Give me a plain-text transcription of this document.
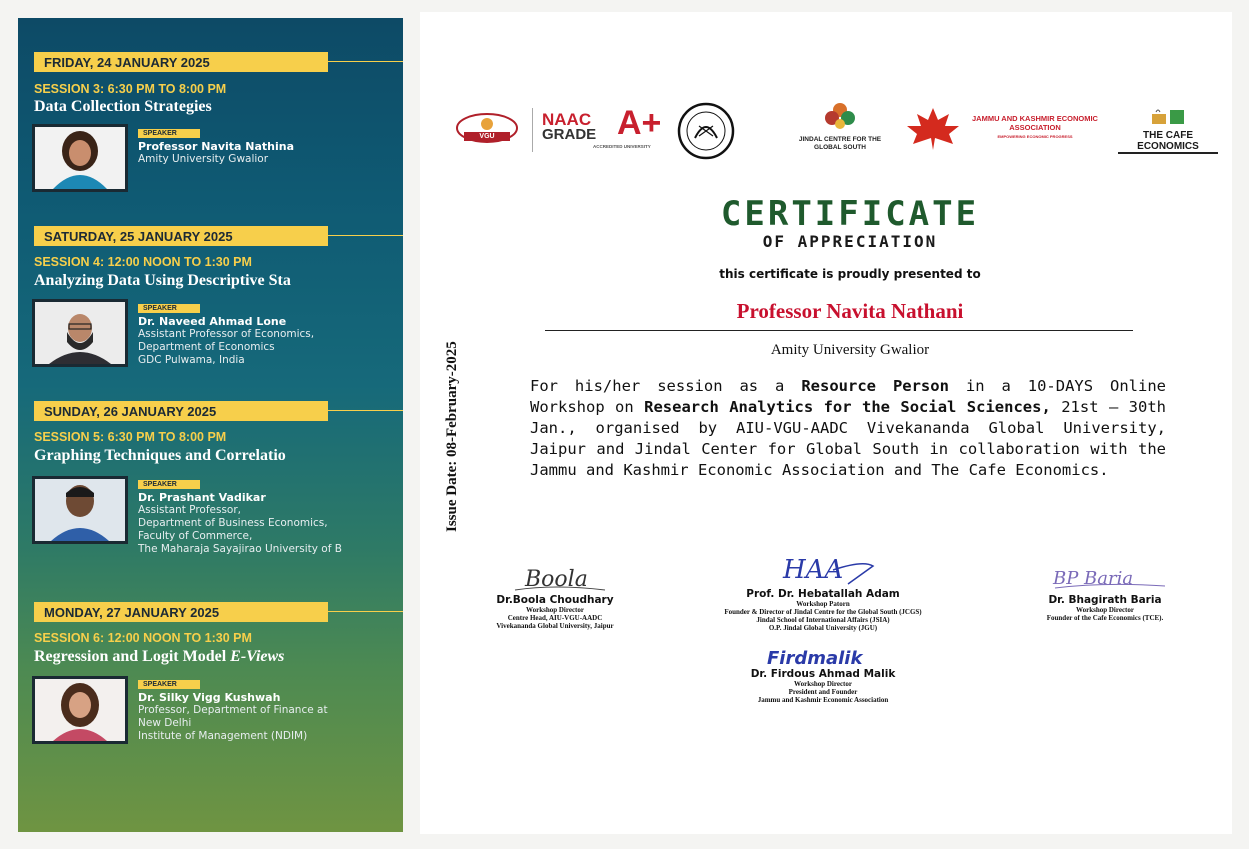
FRIDAY, 24 JANUARY 2025
SESSION 3: 6:30 PM TO 8:00 PM
Data Collection Strategies
SPEAKER
Professor Navita Nathina
Amity University Gwalior
SATURDAY, 25 JANUARY 2025
SESSION 4: 12:00 NOON TO 1:30 PM
Analyzing Data Using Descriptive Sta
SPEAKER
Dr. Naveed Ahmad Lone
Assistant Professor of Economics,
Department of Economics
GDC Pulwama, India
SUNDAY, 26 JANUARY 2025
SESSION 5: 6:30 PM TO 8:00 PM
Graphing Techniques and Correlatio
SPEAKER
Dr. Prashant Vadikar
Assistant Professor,
Department of Business Economics,
Faculty of Commerce,
The Maharaja Sayajirao University of B
MONDAY, 27 JANUARY 2025
SESSION 6: 12:00 NOON TO 1:30 PM
Regression and Logit Model E-Views
SPEAKER
Dr. Silky Vigg Kushwah
Professor, Department of Finance at
New Delhi
Institute of Management (NDIM)
VGU
NAAC
GRADE A+
ACCREDITED UNIVERSITY
JINDAL CENTRE FOR THE GLOBAL SOUTH
JAMMU AND KASHMIR ECONOMIC ASSOCIATION
EMPOWERING ECONOMIC PROGRESS	THE CAFE ECONOMICS
CERTIFICATE
OF APPRECIATION
this certificate is proudly presented to
Professor Navita Nathani
Amity University Gwalior
Issue Date: 08-February-2025	For his/her session as a Resource Person in a 10-DAYS Online Workshop on Research Analytics for the Social Sciences, 21st – 30th Jan., organised by AIU-VGU-AADC Vivekananda Global University, Jaipur and Jindal Center for Global South in collaboration with the Jammu and Kashmir Economic Association and The Cafe Economics.
Boola
Dr.Boola Choudhary
Workshop Director
Centre Head, AIU-VGU-AADC
Vivekananda Global University, Jaipur
HAA
Prof. Dr. Hebatallah Adam
Workshop Patorn
Founder & Director of Jindal Centre for the Global South (JCGS)
Jindal School of International Affairs (JSIA)
O.P. Jindal Global University (JGU)
BP Baria
Dr. Bhagirath Baria
Workshop Director
Founder of the Cafe Economics (TCE).
Firdmalik
Dr. Firdous Ahmad Malik
Workshop Director
President and Founder
Jammu and Kashmir Economic Association
